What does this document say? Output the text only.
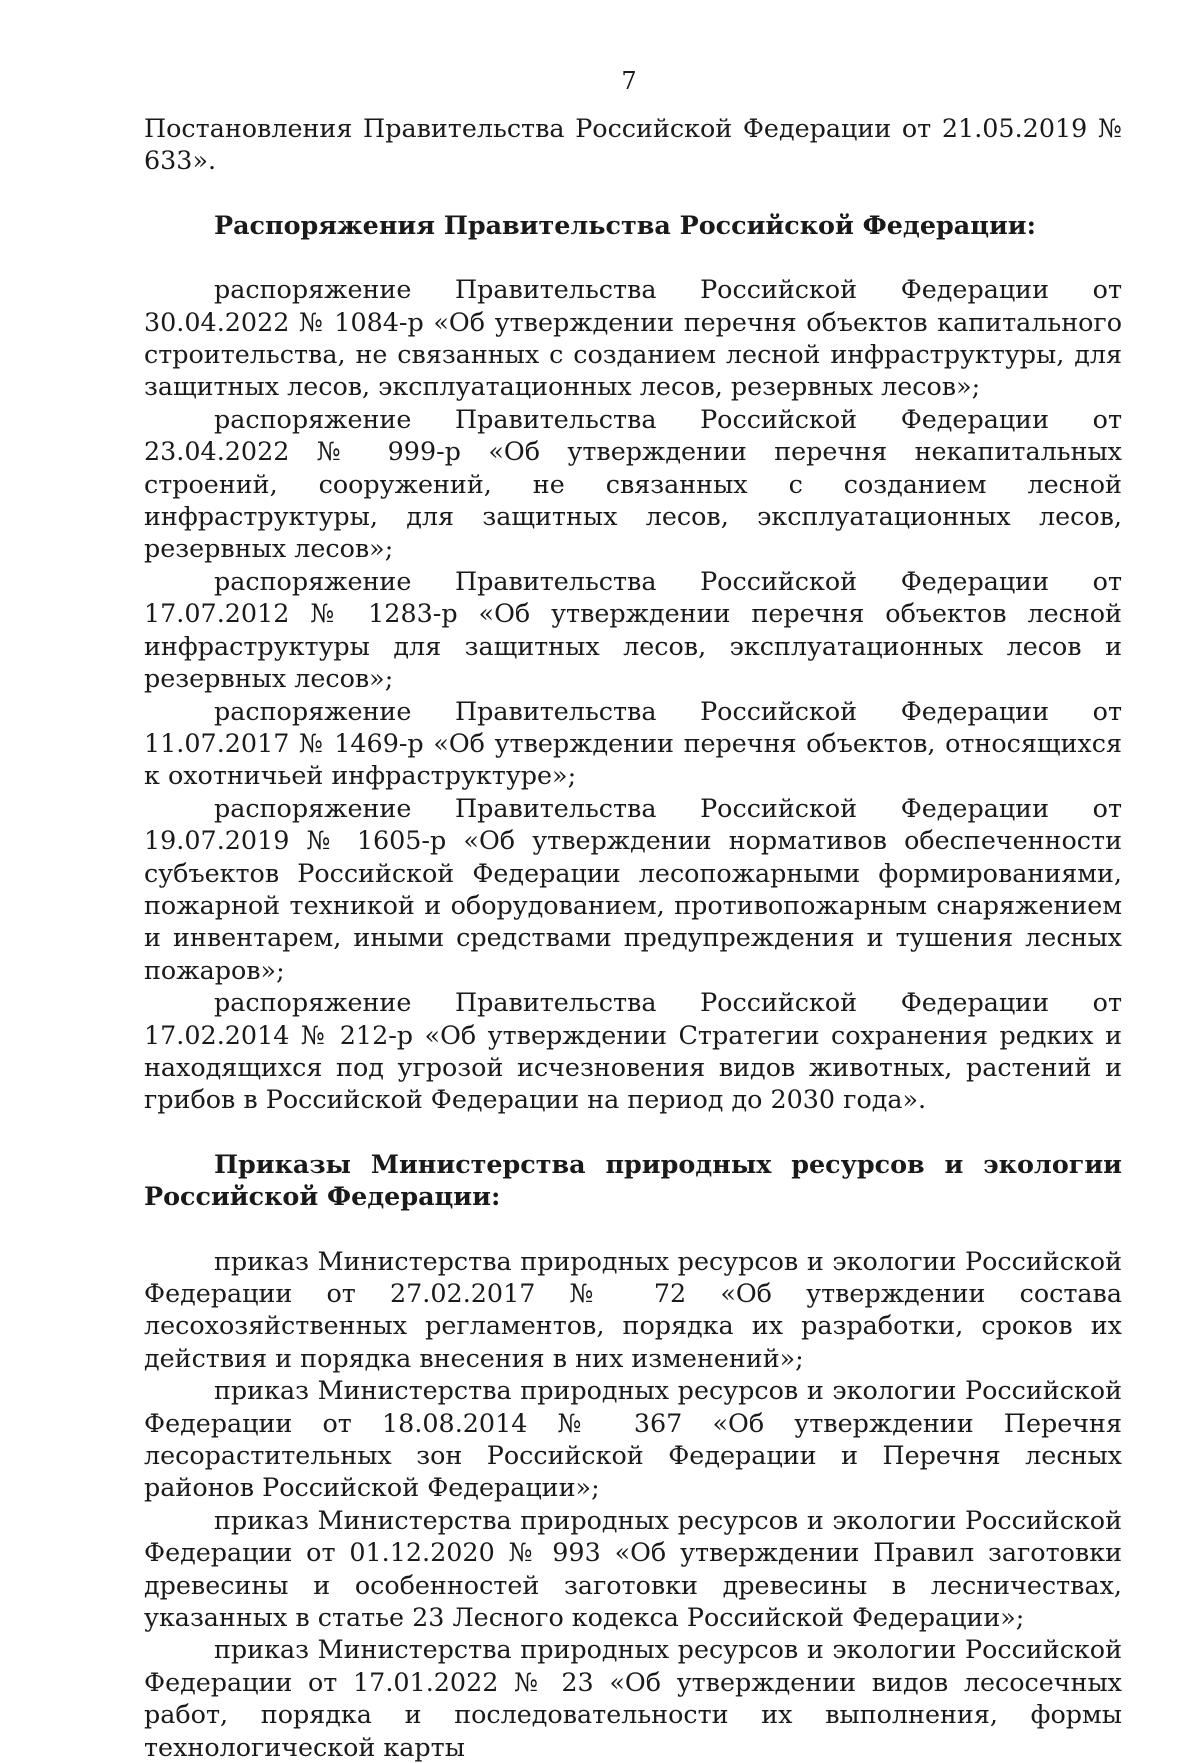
7

Постановления Правительства Российской Федерации от 21.05.2019 № 633».

Распоряжения Правительства Российской Федерации:

распоряжение Правительства Российской Федерации от 30.04.2022 № 1084-р «Об утверждении перечня объектов капитального строительства, не связанных с созданием лесной инфраструктуры, для защитных лесов, эксплуатационных лесов, резервных лесов»;

распоряжение Правительства Российской Федерации от 23.04.2022 № 999-р «Об утверждении перечня некапитальных строений, сооружений, не связанных с созданием лесной инфраструктуры, для защитных лесов, эксплуатационных лесов, резервных лесов»;

распоряжение Правительства Российской Федерации от 17.07.2012 № 1283-р «Об утверждении перечня объектов лесной инфраструктуры для защитных лесов, эксплуатационных лесов и резервных лесов»;

распоряжение Правительства Российской Федерации от 11.07.2017 № 1469-р «Об утверждении перечня объектов, относящихся к охотничьей инфраструктуре»;

распоряжение Правительства Российской Федерации от 19.07.2019 № 1605-р «Об утверждении нормативов обеспеченности субъектов Российской Федерации лесопожарными формированиями, пожарной техникой и оборудованием, противопожарным снаряжением и инвентарем, иными средствами предупреждения и тушения лесных пожаров»;

распоряжение Правительства Российской Федерации от 17.02.2014 № 212-р «Об утверждении Стратегии сохранения редких и находящихся под угрозой исчезновения видов животных, растений и грибов в Российской Федерации на период до 2030 года».

Приказы Министерства природных ресурсов и экологии Российской Федерации:

приказ Министерства природных ресурсов и экологии Российской Федерации от 27.02.2017 № 72 «Об утверждении состава лесохозяйственных регламентов, порядка их разработки, сроков их действия и порядка внесения в них изменений»;

приказ Министерства природных ресурсов и экологии Российской Федерации от 18.08.2014 № 367 «Об утверждении Перечня лесорастительных зон Российской Федерации и Перечня лесных районов Российской Федерации»;

приказ Министерства природных ресурсов и экологии Российской Федерации от 01.12.2020 № 993 «Об утверждении Правил заготовки древесины и особенностей заготовки древесины в лесничествах, указанных в статье 23 Лесного кодекса Российской Федерации»;

приказ Министерства природных ресурсов и экологии Российской Федерации от 17.01.2022 № 23 «Об утверждении видов лесосечных работ, порядка и последовательности их выполнения, формы технологической карты
